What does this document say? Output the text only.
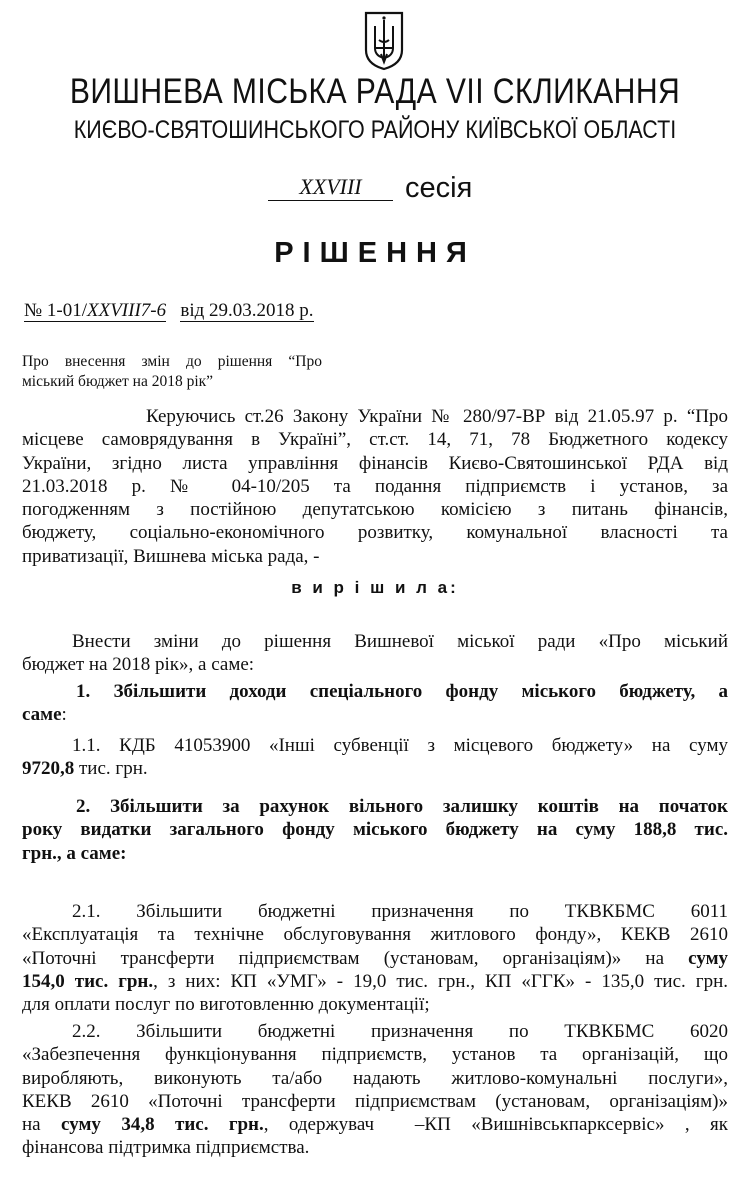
ВИШНЕВА МІСЬКА РАДА VII СКЛИКАННЯ
КИЄВО-СВЯТОШИНСЬКОГО РАЙОНУ КИЇВСЬКОЇ ОБЛАСТІ
XXVIII сесія
РІШЕННЯ
№ 1-01/XXVIII7-6 від 29.03.2018 р.
Про внесення змін до рішення “Про
міський бюджет на 2018 рік”
Керуючись ст.26 Закону України № 280/97-ВР від 21.05.97 р. “Про
місцеве самоврядування в Україні”, ст.ст. 14, 71, 78 Бюджетного кодексу
України, згідно листа управління фінансів Києво-Святошинської РДА від
21.03.2018 р. № 04-10/205 та подання підприємств і установ, за
погодженням з постійною депутатською комісією з питань фінансів,
бюджету, соціально-економічного розвитку, комунальної власності та
приватизації, Вишнева міська рада, -
в и р і ш и л а:
Внести зміни до рішення Вишневої міської ради «Про міський
бюджет на 2018 рік», а саме:
1. Збільшити доходи спеціального фонду міського бюджету, а
саме:
1.1. КДБ 41053900 «Інші субвенції з місцевого бюджету» на суму
9720,8 тис. грн.
2. Збільшити за рахунок вільного залишку коштів на початок
року видатки загального фонду міського бюджету на суму 188,8 тис.
грн., а саме:
2.1. Збільшити бюджетні призначення по ТКВКБМС 6011
«Експлуатація та технічне обслуговування житлового фонду», КЕКВ 2610
«Поточні трансферти підприємствам (установам, організаціям)» на суму
154,0 тис. грн., з них: КП «УМГ» - 19,0 тис. грн., КП «ГГК» - 135,0 тис. грн.
для оплати послуг по виготовленню документації;
2.2. Збільшити бюджетні призначення по ТКВКБМС 6020
«Забезпечення функціонування підприємств, установ та організацій, що
виробляють, виконують та/або надають житлово-комунальні послуги»,
КЕКВ 2610 «Поточні трансферти підприємствам (установам, організаціям)»
на суму 34,8 тис. грн., одержувач  –КП «Вишнівськпарксервіс» , як
фінансова підтримка підприємства.
